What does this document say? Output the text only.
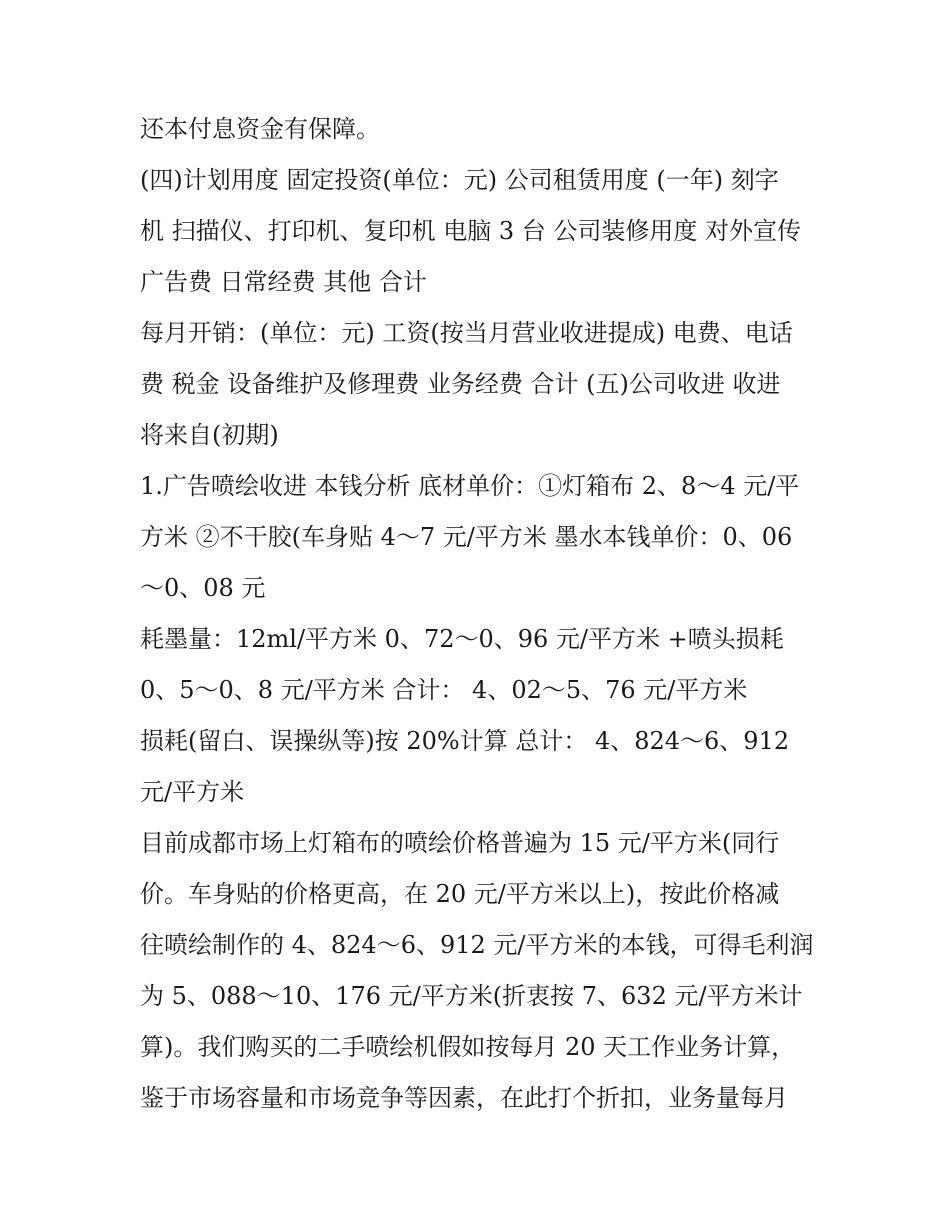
还本付息资金有保障。
(四)计划用度 固定投资(单位：元) 公司租赁用度 (一年) 刻字
机 扫描仪、打印机、复印机 电脑 3 台 公司装修用度 对外宣传
广告费 日常经费 其他 合计
每月开销：(单位：元) 工资(按当月营业收进提成) 电费、电话
费 税金 设备维护及修理费 业务经费 合计 (五)公司收进 收进
将来自(初期)
1.广告喷绘收进 本钱分析 底材单价：①灯箱布 2、8～4 元/平
方米 ②不干胶(车身贴 4～7 元/平方米 墨水本钱单价：0、06
～0、08 元
耗墨量：12ml/平方米 0、72～0、96 元/平方米 +喷头损耗
0、5～0、8 元/平方米 合计： 4、02～5、76 元/平方米
损耗(留白、误操纵等)按 20%计算 总计： 4、824～6、912
元/平方米
目前成都市场上灯箱布的喷绘价格普遍为 15 元/平方米(同行
价。车身贴的价格更高，在 20 元/平方米以上)，按此价格减
往喷绘制作的 4、824～6、912 元/平方米的本钱，可得毛利润
为 5、088～10、176 元/平方米(折衷按 7、632 元/平方米计
算)。我们购买的二手喷绘机假如按每月 20 天工作业务计算，
鉴于市场容量和市场竞争等因素，在此打个折扣，业务量每月
